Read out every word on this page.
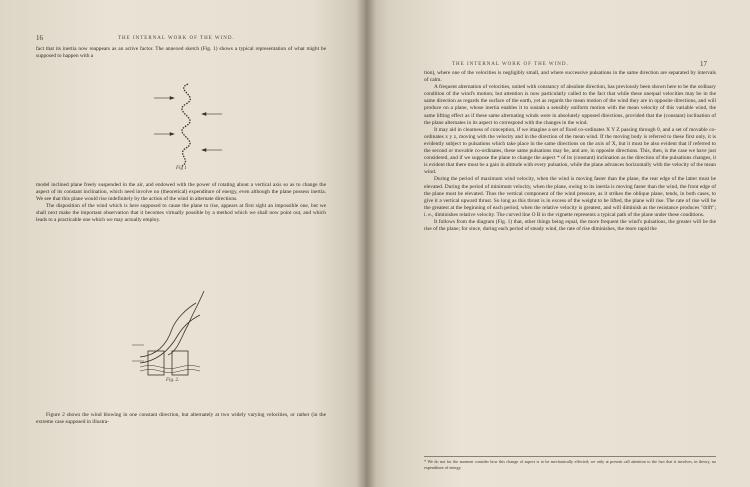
16	THE INTERNAL WORK OF THE WIND.

fact that its inertia now reappears as an active factor. The annexed sketch (Fig. 1) shows a typical representation of what might be supposed to happen with a

Fig 1

model inclined plane freely suspended in the air, and endowed with the power of rotating about a vertical axis so as to change the aspect of its constant inclination, which need involve no (theoretical) expenditure of energy, even although the plane possess inertia. We see that this plane would rise indefinitely by the action of the wind in alternate directions.

The disposition of the wind which is here supposed to cause the plane to rise, appears at first sight an impossible one, but we shall next make the important observation that it becomes virtually possible by a method which we shall now point out, and which leads to a practicable one which we may actually employ.

Fig. 2.

Figure 2 shows the wind blowing in one constant direction, but alternately at two widely varying velocities, or rather (in the extreme case supposed in illustra-

THE INTERNAL WORK OF THE WIND.	17

tion), where one of the velocities is negligibly small, and where successive pulsations in the same direction are separated by intervals of calm.

A frequent alternation of velocities, united with constancy of absolute direction, has previously been shown here to be the ordinary condition of the wind's motion; but attention is now particularly called to the fact that while these unequal velocities may be in the same direction as regards the surface of the earth, yet as regards the mean motion of the wind they are in opposite directions, and will produce on a plane, whose inertia enables it to sustain a sensibly uniform motion with the mean velocity of this variable wind, the same lifting effect as if these same alternating winds were in absolutely opposed directions, provided that the (constant) inclination of the plane alternates in its aspect to correspond with the changes in the wind.

It may aid in clearness of conception, if we imagine a set of fixed co-ordinates X Y Z passing through 0, and a set of movable co-ordinates x y z, moving with the velocity and in the direction of the mean wind. If the moving body is referred to these first only, it is evidently subject to pulsations which take place in the same directions on the axis of X, but it must be also evident that if referred to the second or movable co-ordinates, these same pulsations may be, and are, in opposite directions. This, then, is the case we have just considered, and if we suppose the plane to change the aspect * of its (constant) inclination as the direction of the pulsations changes, it is evident that there must be a gain in altitude with every pulsation, while the plane advances horizontally with the velocity of the mean wind.

During the period of maximum wind velocity, when the wind is moving faster than the plane, the rear edge of the latter must be elevated. During the period of minimum velocity, when the plane, owing to its inertia is moving faster than the wind, the front edge of the plane must be elevated. Thus the vertical component of the wind pressure, as it strikes the oblique plane, tends, in both cases, to give it a vertical upward thrust. So long as this thrust is in excess of the weight to be lifted, the plane will rise. The rate of rise will be the greatest at the beginning of each period, when the relative velocity is greatest, and will diminish as the resistance produces "drift"; i. e., diminishes relative velocity. The curved line O B in the vignette represents a typical path of the plane under these conditions.

It follows from the diagram (Fig. 1) that, other things being equal, the more frequent the wind's pulsations, the greater will be the rise of the plane; for since, during each period of steady wind, the rate of rise diminishes, the more rapid the

* We do not for the moment consider how this change of aspect is to be mechanically effected; we only at present call attention to the fact that it involves, in theory, no expenditure of energy.
